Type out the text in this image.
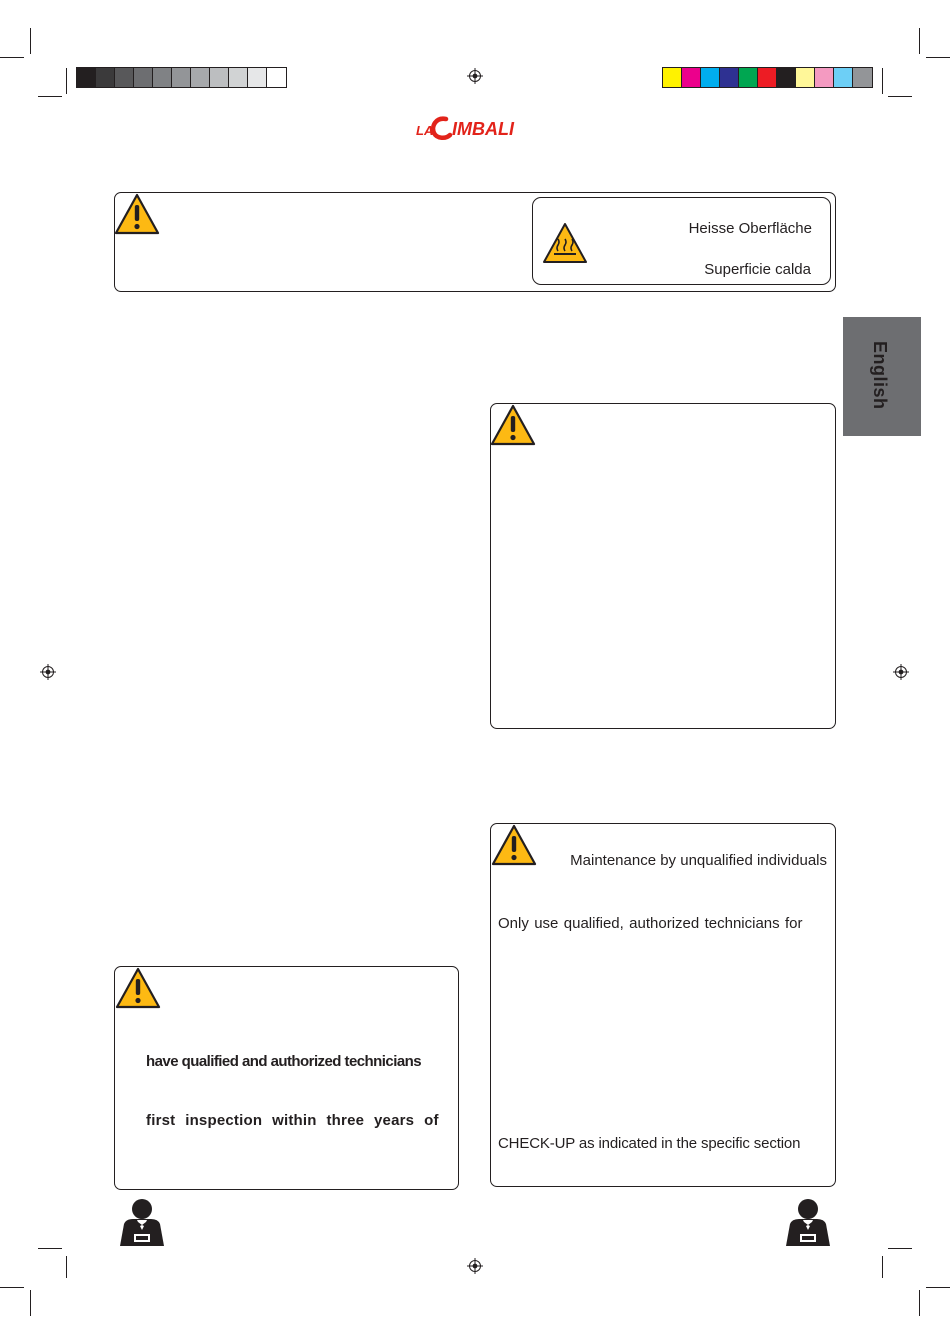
LA IMBALI
English
Heisse Oberfläche
Superficie calda
Maintenance by unqualified individuals
Only use qualified, authorized technicians for
CHECK-UP as indicated in the specific section
have qualified and authorized technicians
first inspection within three years of
